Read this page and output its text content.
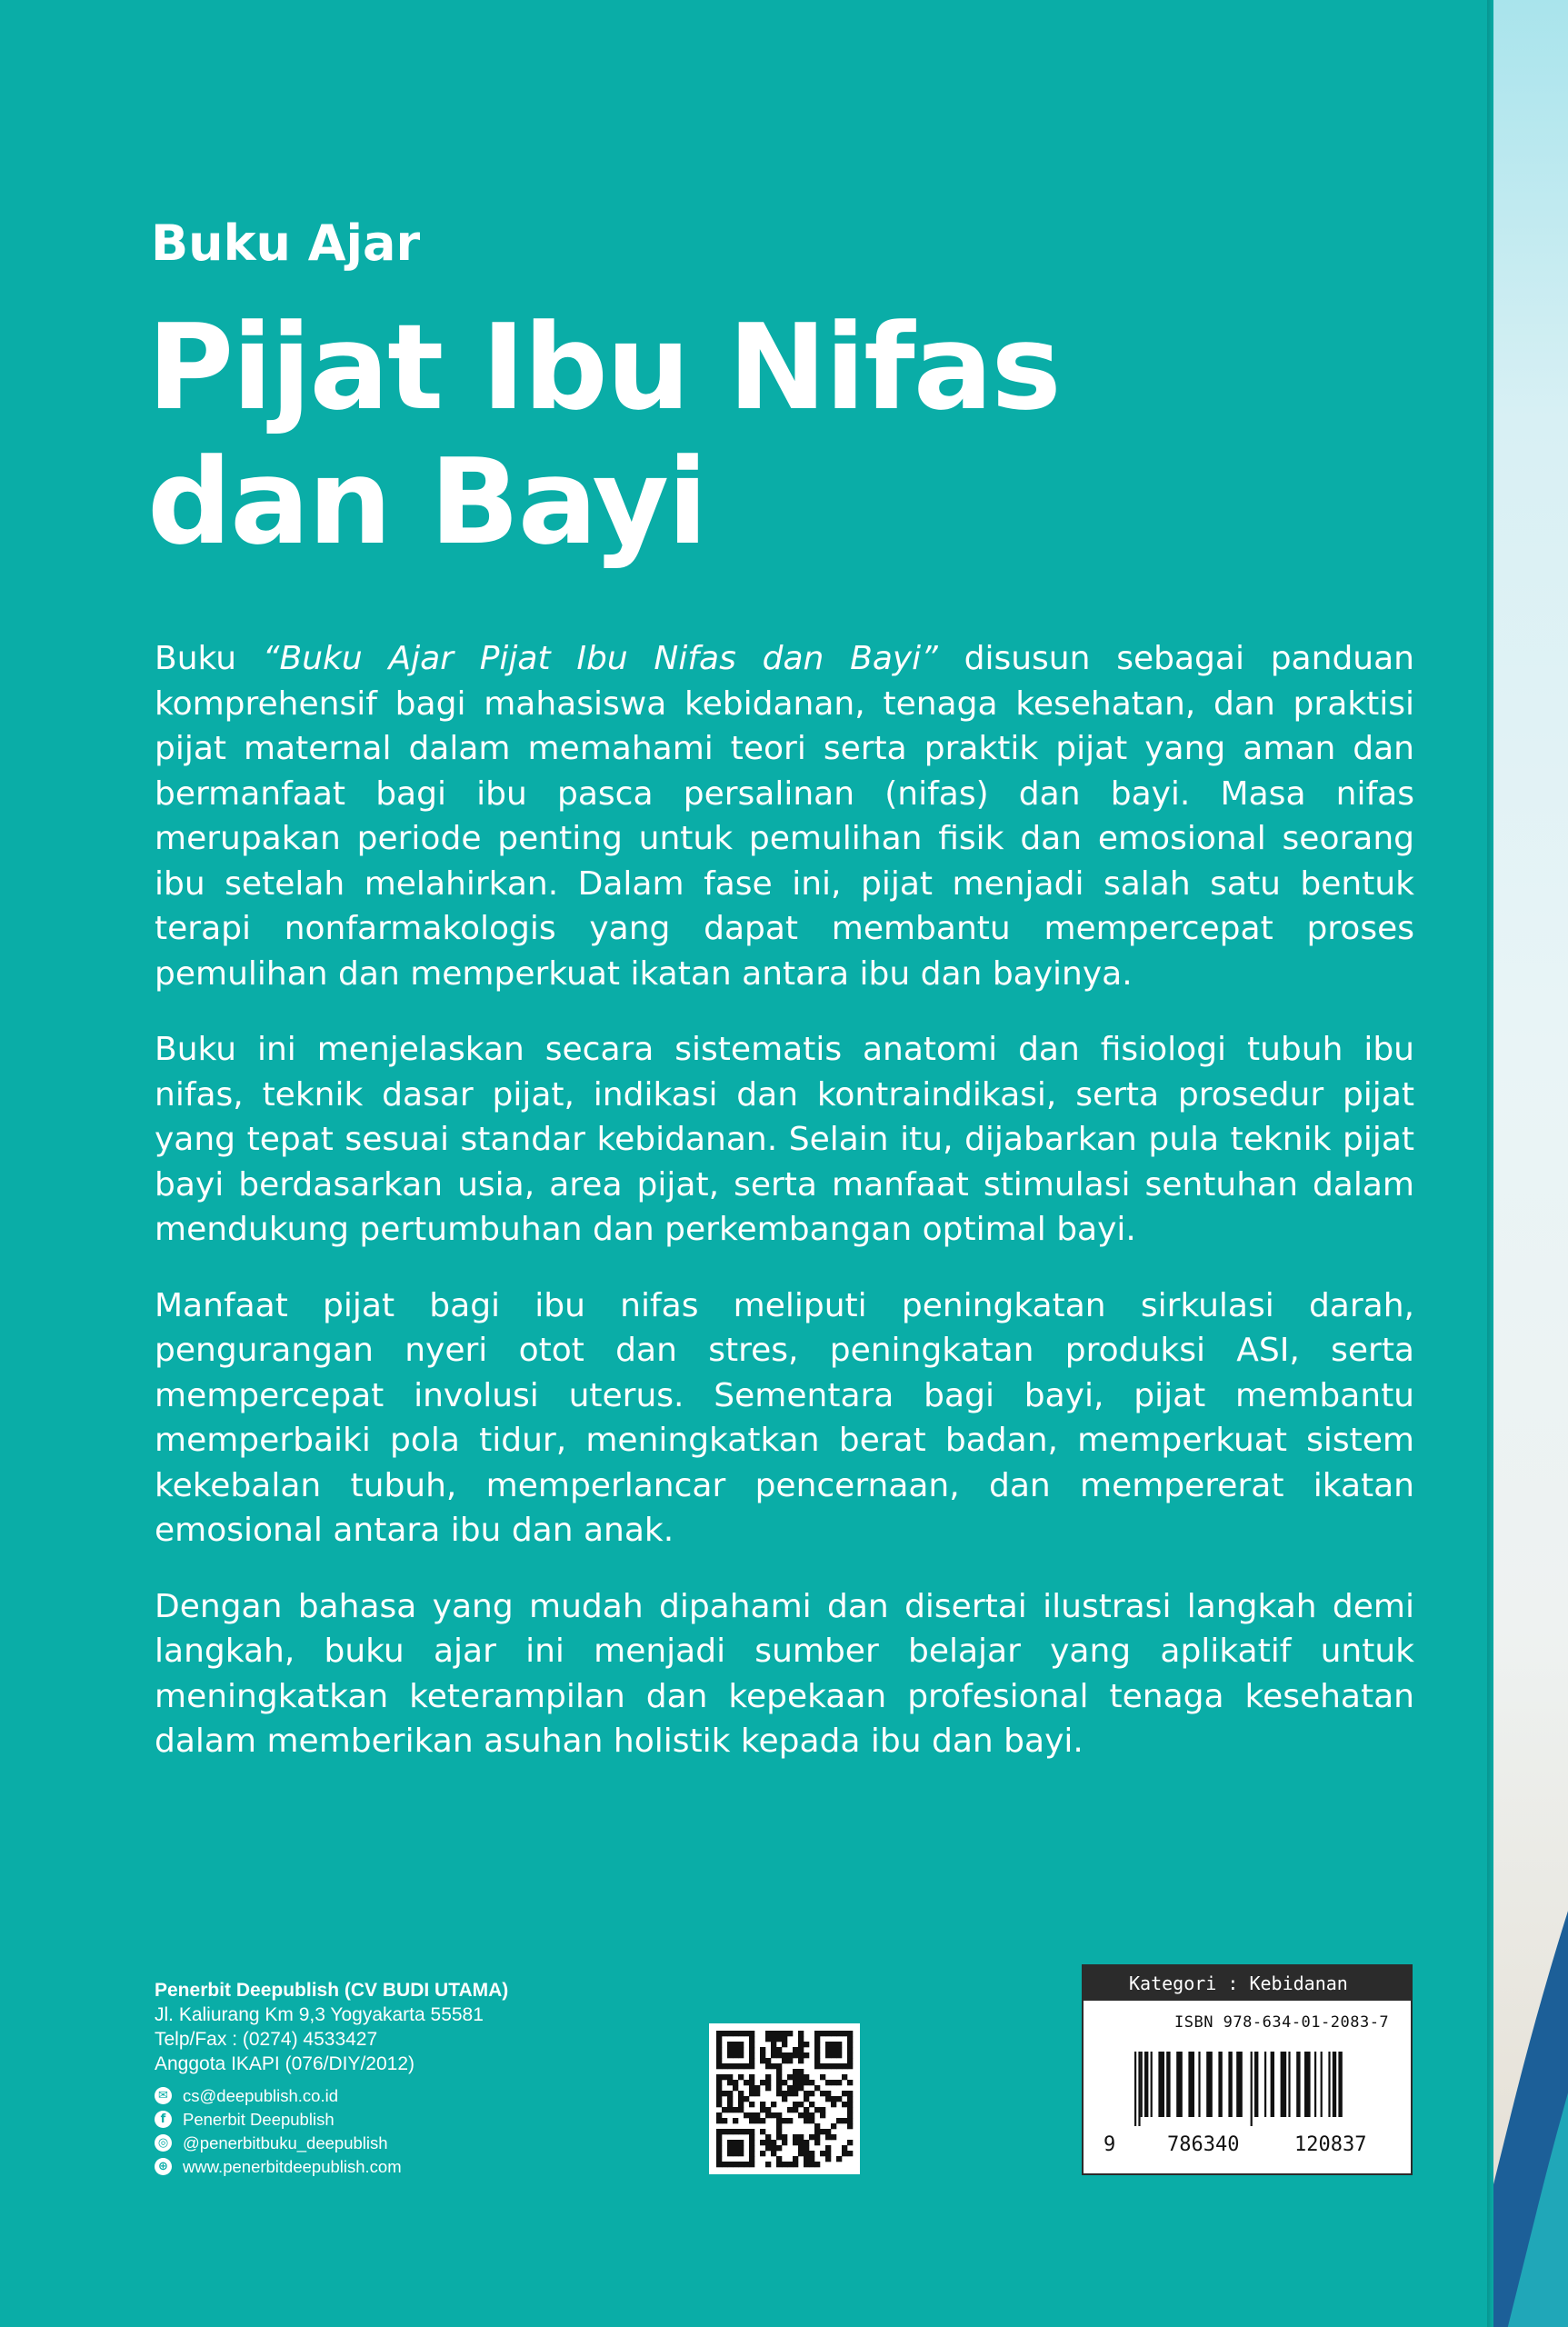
Buku Ajar
Pijat Ibu Nifas
dan Bayi

Buku “Buku Ajar Pijat Ibu Nifas dan Bayi” disusun sebagai panduan komprehensif bagi mahasiswa kebidanan, tenaga kesehatan, dan praktisi pijat maternal dalam memahami teori serta praktik pijat yang aman dan bermanfaat bagi ibu pasca persalinan (nifas) dan bayi. Masa nifas merupakan periode penting untuk pemulihan fisik dan emosional seorang ibu setelah melahirkan. Dalam fase ini, pijat menjadi salah satu bentuk terapi nonfarmakologis yang dapat membantu mempercepat proses pemulihan dan memperkuat ikatan antara ibu dan bayinya.

Buku ini menjelaskan secara sistematis anatomi dan fisiologi tubuh ibu nifas, teknik dasar pijat, indikasi dan kontraindikasi, serta prosedur pijat yang tepat sesuai standar kebidanan. Selain itu, dijabarkan pula teknik pijat bayi berdasarkan usia, area pijat, serta manfaat stimulasi sentuhan dalam mendukung pertumbuhan dan perkembangan optimal bayi.

Manfaat pijat bagi ibu nifas meliputi peningkatan sirkulasi darah, pengurangan nyeri otot dan stres, peningkatan produksi ASI, serta mempercepat involusi uterus. Sementara bagi bayi, pijat membantu memperbaiki pola tidur, meningkatkan berat badan, memperkuat sistem kekebalan tubuh, memperlancar pencernaan, dan mempererat ikatan emosional antara ibu dan anak.

Dengan bahasa yang mudah dipahami dan disertai ilustrasi langkah demi langkah, buku ajar ini menjadi sumber belajar yang aplikatif untuk meningkatkan keterampilan dan kepekaan profesional tenaga kesehatan dalam memberikan asuhan holistik kepada ibu dan bayi.

Penerbit Deepublish (CV BUDI UTAMA)
Jl. Kaliurang Km 9,3 Yogyakarta 55581
Telp/Fax : (0274) 4533427
Anggota IKAPI (076/DIY/2012)
✉ cs@deepublish.co.id
f	Penerbit Deepublish
◎ @penerbitbuku_deepublish
⊕ www.penerbitdeepublish.com
Kategori : Kebidanan
ISBN 978-634-01-2083-7
9	786340	120837
